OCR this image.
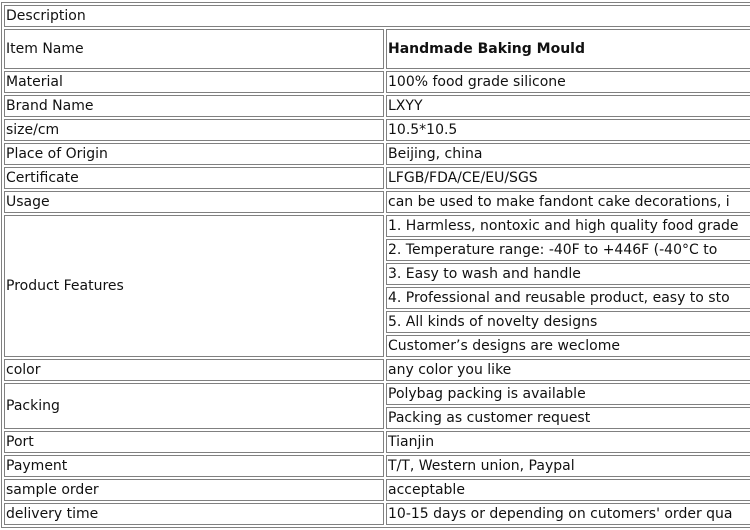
Description	
Item Name	Handmade Baking Mould
Material	100% food grade silicone
Brand Name	LXYY
size/cm	10.5*10.5
Place of Origin	Beijing, china
Certificate	LFGB/FDA/CE/EU/SGS
Usage	can be used to make fandont cake decorations, i
Product Features	1. Harmless, nontoxic and high quality food grade
	2. Temperature range: -40F to +446F (-40°C to
	3. Easy to wash and handle
	4. Professional and reusable product, easy to sto
	5. All kinds of novelty designs
	Customer’s designs are weclome
color	any color you like
Packing	Polybag packing is available
	Packing as customer request
Port	Tianjin
Payment	T/T, Western union, Paypal
sample order	acceptable
delivery time	10-15 days or depending on cutomers' order qua
